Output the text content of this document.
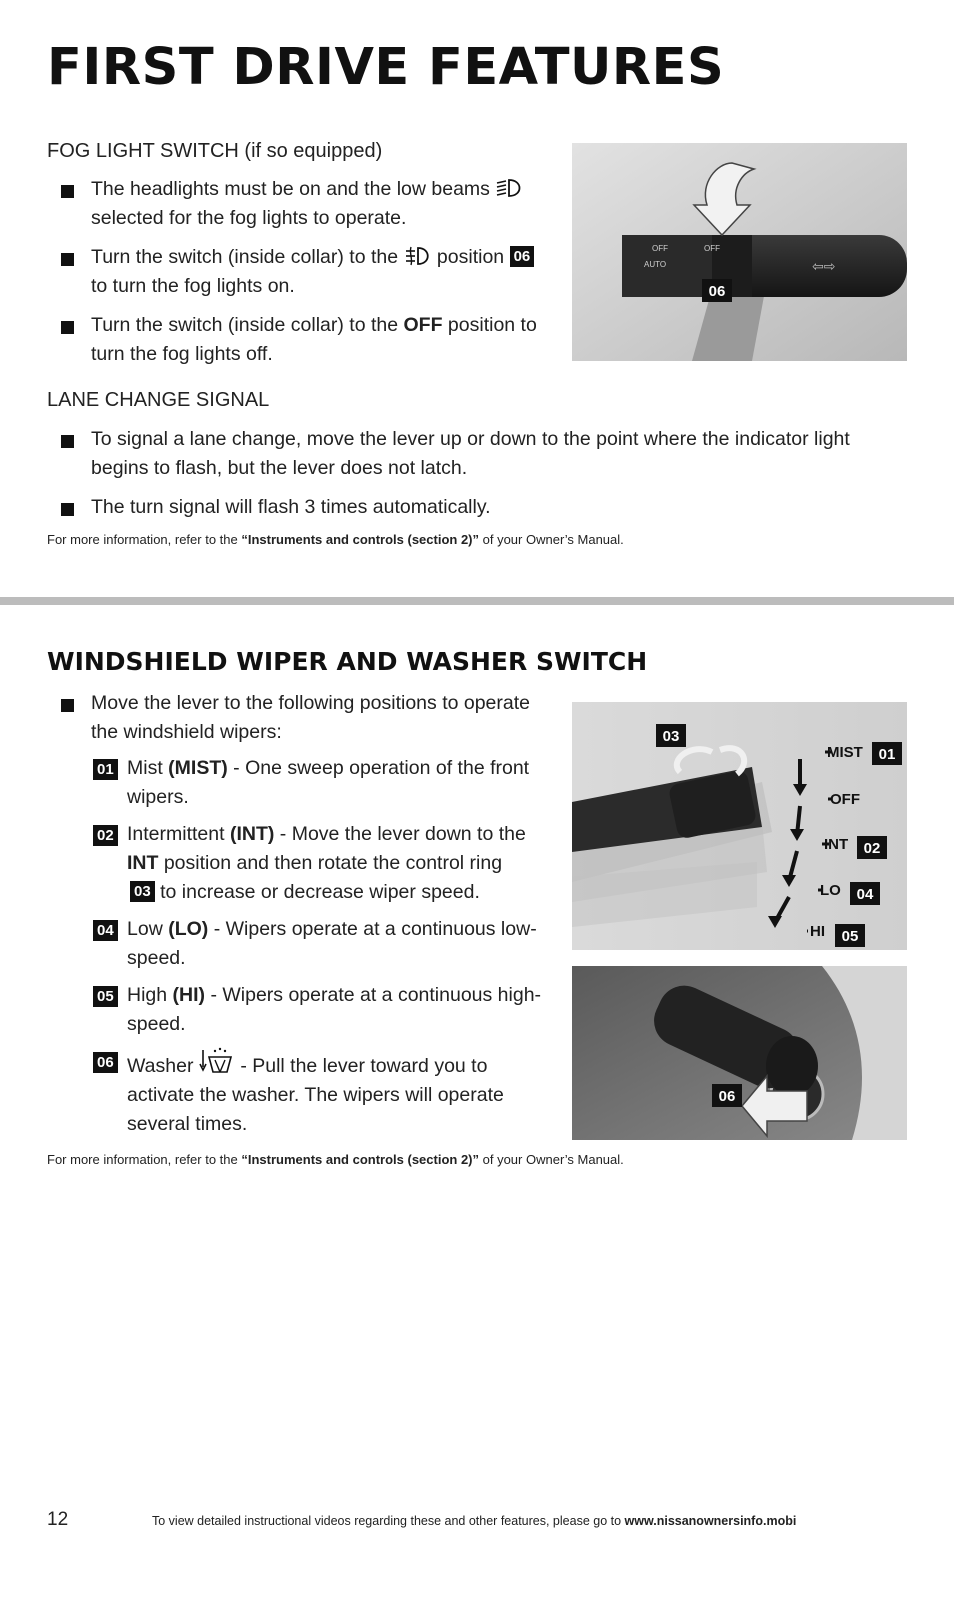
FIRST DRIVE FEATURES
FOG LIGHT SWITCH (if so equipped)
The headlights must be on and the low beams
selected for the fog lights to operate.
Turn the switch (inside collar) to the position 06
to turn the fog lights on.
Turn the switch (inside collar) to the OFF position to turn the fog lights off.
OFF
AUTO
OFF
06
⇦⇨
LANE CHANGE SIGNAL
To signal a lane change, move the lever up or down to the point where the indicator light begins to flash, but the lever does not latch.
The turn signal will flash 3 times automatically.
For more information, refer to the “Instruments and controls (section 2)” of your Owner’s Manual.
WINDSHIELD WIPER AND WASHER SWITCH
Move the lever to the following positions to operate the windshield wipers:
01 Mist (MIST) - One sweep operation of the front wipers.
02 Intermittent (INT) - Move the lever down to the INT position and then rotate the control ring
03 to increase or decrease wiper speed.
04 Low (LO) - Wipers operate at a continuous low-speed.
05 High (HI) - Wipers operate at a continuous high-speed.
06 Washer  - Pull the lever toward you to activate the washer. The wipers will operate several times.
03
MIST 01
OFF
INT 02
LO 04
HI 05
06
For more information, refer to the “Instruments and controls (section 2)” of your Owner’s Manual.
12	To view detailed instructional videos regarding these and other features, please go to www.nissanownersinfo.mobi
